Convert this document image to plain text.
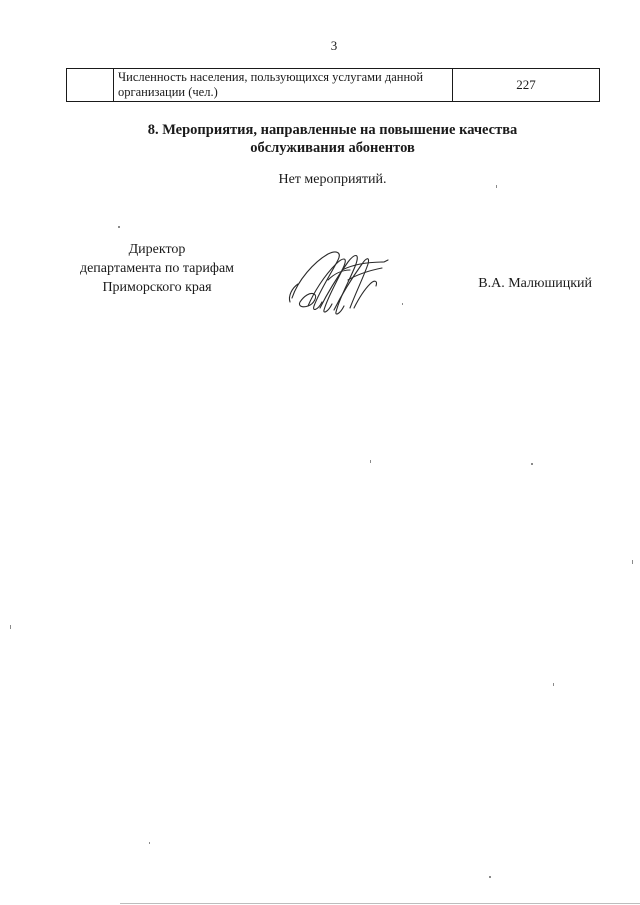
3
	Численность населения, пользующихся услугами данной организации (чел.)	227
8. Мероприятия, направленные на повышение качества
обслуживания абонентов
Нет мероприятий.
Директор
департамента по тарифам
Приморского края	В.А. Малюшицкий
